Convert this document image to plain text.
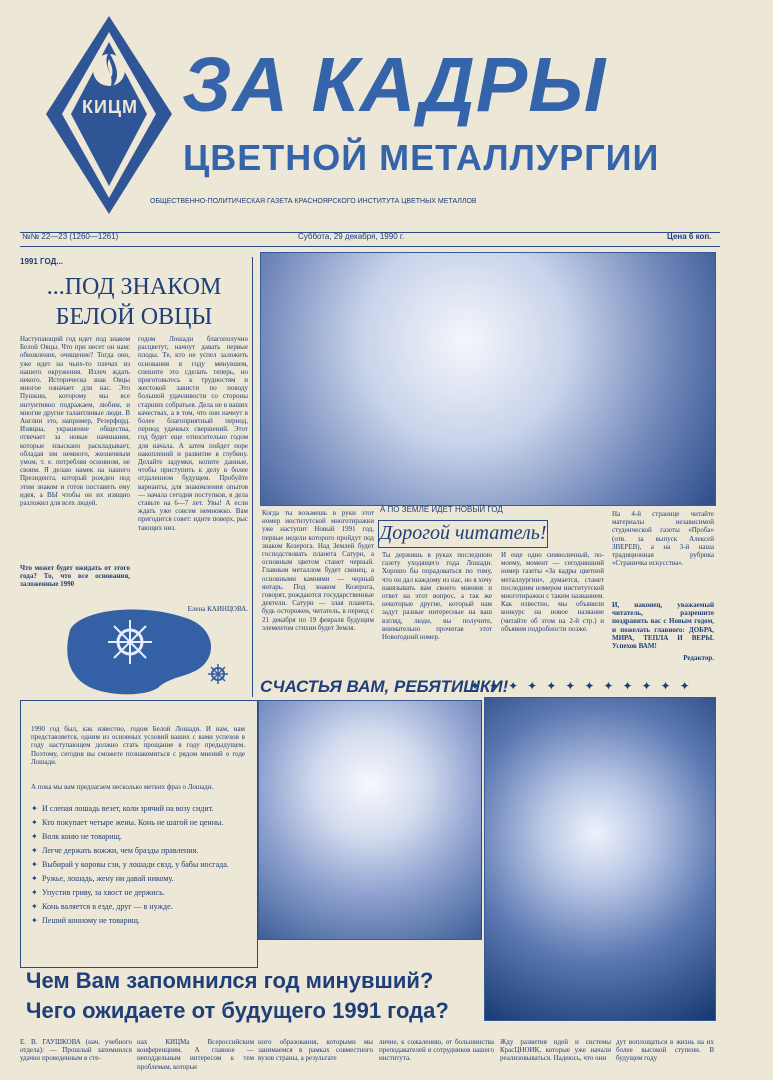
КИЦМ ЗА КАДРЫ
ЦВЕТНОЙ МЕТАЛЛУРГИИ
ОБЩЕСТВЕННО-ПОЛИТИЧЕСКАЯ ГАЗЕТА КРАСНОЯРСКОГО ИНСТИТУТА ЦВЕТНЫХ МЕТАЛЛОВ
№№ 22—23 (1260—1261)	Суббота, 29 декабря, 1990 г.	Цена 6 коп.
1991 ГОД...
...ПОД ЗНАКОМ
БЕЛОЙ ОВЦЫ
Наступающий год идет под знаком Белой Овцы. Что при несет он нам: обновление, очищение? Тогда оно, уже идет на чьих-то плечах из нашего окружения. Излеч ждать некого. Историческа знак Овцы многое означает для нас. Это Пушкин, которому мы все интуитивно подражаем, любим, и многие другие талантливые люди. В Англии это, например, Резерфорд. Изящна, украшение общества, отвечает за новые начинания, которые изыскано раскладывает, обладая им немного, жизненным умом, т. е. потребляя основном, не своим. Я делаю намек на нашего Президента, который рожден под этим знаком и готов поставить ему идея, а ВЫ чтобы он их изящно разложил для всех людей.
Что может будет ожидать от этого года? То, что все основания, заложенные 1990
годом Лошади благополучно расцветут, начнут давать первые плоды. Те, кто не успел заложить основания в году минувшем, спешите это сделать теперь, но приготовьтесь к трудностям и жестокой зависти по поводу большой удачливости со стороны старших собратьев. Дела не в ваших качествах, а в том, что они начнут в более благоприятный период, период удачных свершений. Этот год будет еще относительно годом для начала. А затем пойдет поре накоплений и развитие в глубину. Делайте задумки, копите данные, чтобы приступить к делу в более отдаленном будущем. Пробуйте варианты, для знакомления опытов — начала сегодня поступков, в дела ставьте на 6—7 лет. Увы! А если ждать уже совсем немножко. Вам пригодится совет: идите поверх, рыс тающих низ.
Елена КАИНЦОВА.
Когда ты возьмешь в руки этот номер институтской многотиражки уже наступит Новый 1991 год, первые недели которого пройдут под знаком Козерога. Над Землей будет господствовать планета Сатурн, а основным цветом станет черный. Главным металлом будет свинец, а основными камнями — черный янтарь. Под знаком Козерога, говорят, рождаются государственные деятели. Сатурн — злая планета, будь осторожен, читатель, в период с 21 декабря по 19 февраля будущим элементом стихии будет Земля.
А ПО ЗЕМЛЕ ИДЕТ НОВЫЙ ГОД
Дорогой читатель!
Ты держишь в руках последнюю газету уходящего года Лошади. Хорошо бы порадоваться по тому, что он дал каждому из нас, но я хочу навязывать вам своего мнения и ответ на этот вопрос, а так же некоторые другие, который нам задут разные интересные на ваш взгляд, люди, вы получите, внимательно прочитав этот Новогодний номер.
И еще одно символичный, по-моему, момент — сегодняшний номер газеты «За кадры цветной металлургии», думается, станет последним номером институтской многотиражки с таким названием. Как известно, мы объявили конкурс на новое название (читайте об этом на 2-й стр.) и объявим подробности позже.
На 4-й странице читайте материалы независимой студенческой газеты «Проба» (отв. за выпуск Алексей ЗВЕРЕВ), а на 3-й наша традиционная рубрика «Страничка искусства».
И, наконец, уважаемый читатель, разрешите поздравить вас с Новым годом, и пожелать главного: ДОБРА, МИРА, ТЕПЛА И ВЕРЫ. Успехов ВАМ!
Редактор.
СЧАСТЬЯ ВАМ, РЕБЯТИШКИ!
✦ ✦ ✦ ✦ ✦ ✦ ✦ ✦ ✦ ✦ ✦ ✦
1990 год был, как известно, годом Белой Лошади. И нам, нам представляется, одним из основных условий ваших с вами успехов в году наступающем должно стать прощание в году предыдущем. Поэтому, сегодня вы сможете познакомиться с рядом мнений о годе Лошади.
А пока мы вам предлагаем несколько метких фраз о Лошади.
✦ И слепая лошадь везет, коли зрячий на возу сидит.
✦ Кто покупает четыре жены. Конь не шагой не ценны.
✦ Волк коню не товарищ.
✦ Легче держать вожжи, чем бразды правления.
✦ Выбирай у коровы сзи, у лошади свзд, у бабы носгада.
✦ Ружье, лошадь, жену ни давай никому.
✦ Упустив гриву, за хвост не держись.
✦ Конь валяется в езде, друг — в нужде.
✦ Пеший конному не товарищ.
Чем Вам запомнился год минувший?
Чего ожидаете от будущего 1991 года?
Е. В. ГАУШКОВА (нач. учебного отдела): — Прошлый запомнился удачно проведенным в сте-
нах КИЦМа Всероссийским конференциям. А главное — неподдельным интересом к тем проблемам, которые
ного образования, которыми мы занимаемся в рамках совместного вузов страны, а результате
личне, к сожалению, от большинства преподавателей и сотрудников нашего института.
Жду развития идей и системы КрасЦНОИК, которые уже начали реализовываться. Надеюсь, что они
дут воплощаться в жизнь на их более высокой ступени. В будущем году
